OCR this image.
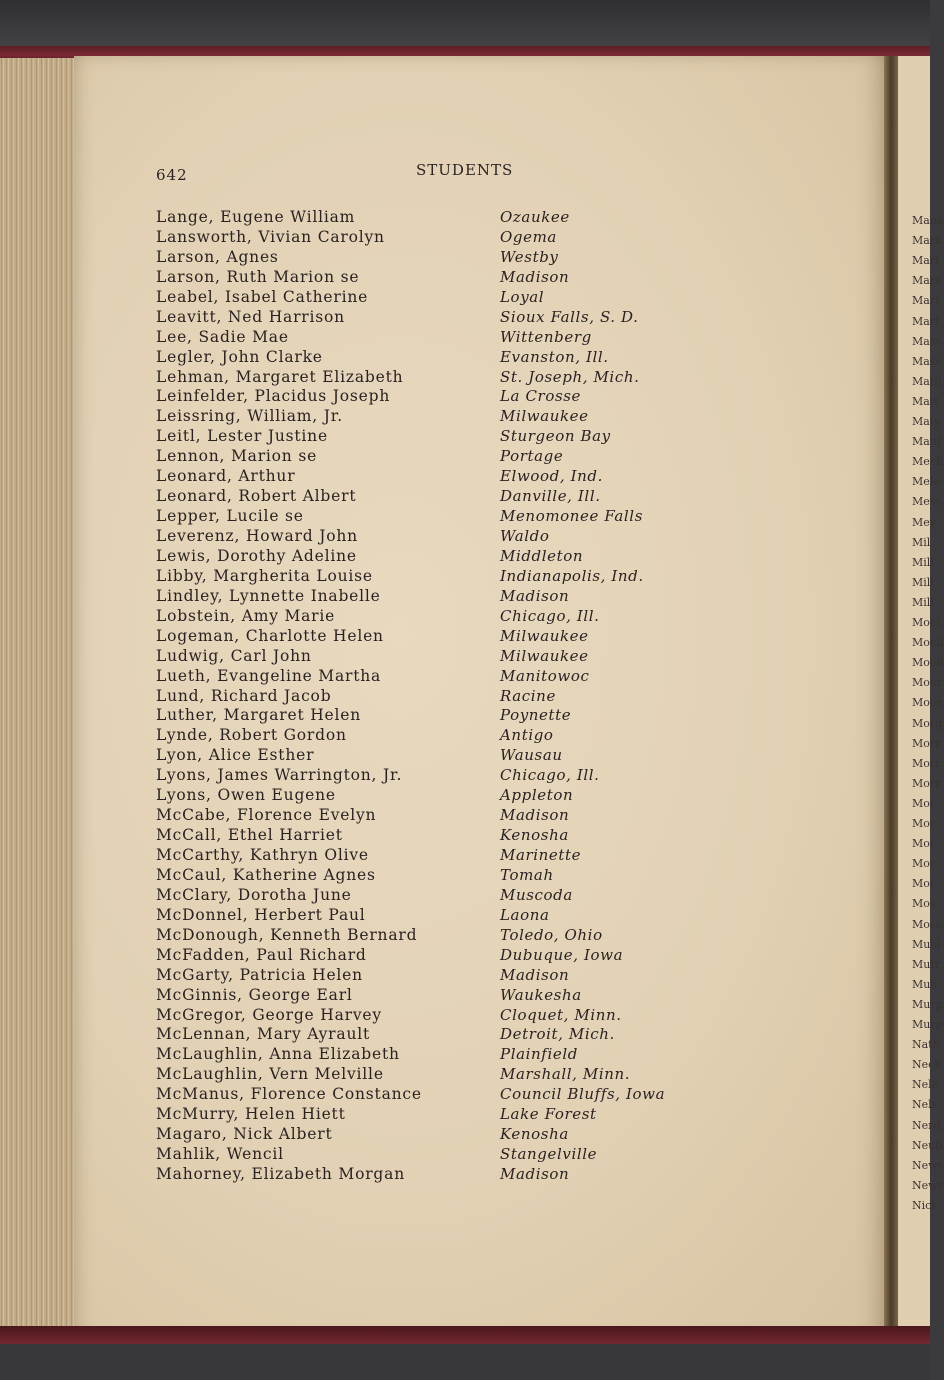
Mans
Mark
Marl
Mars
Mart
Mart
Mass
Mass
Math
Matt
Maty
Maut
Mech
Mele
Mess
Mey
Mil
Mill
Mill
Mill
Moel
Moell
Mood
Moor
Moor
Morg
Morr
Morr
Morr
Mor
Mor
Mor
Mor
Mor
Mos
Moss
Muel
Mutr
Mull
Murp
Murp
Nath
Neck
Nelk
Nels
Nerd
Neub
News
News
Nick
642	STUDENTS
Lange, Eugene William	Ozaukee
Lansworth, Vivian Carolyn	Ogema
Larson, Agnes	Westby
Larson, Ruth Marion se	Madison
Leabel, Isabel Catherine	Loyal
Leavitt, Ned Harrison	Sioux Falls, S. D.
Lee, Sadie Mae	Wittenberg
Legler, John Clarke	Evanston, Ill.
Lehman, Margaret Elizabeth	St. Joseph, Mich.
Leinfelder, Placidus Joseph	La Crosse
Leissring, William, Jr.	Milwaukee
Leitl, Lester Justine	Sturgeon Bay
Lennon, Marion se	Portage
Leonard, Arthur	Elwood, Ind.
Leonard, Robert Albert	Danville, Ill.
Lepper, Lucile se	Menomonee Falls
Leverenz, Howard John	Waldo
Lewis, Dorothy Adeline	Middleton
Libby, Margherita Louise	Indianapolis, Ind.
Lindley, Lynnette Inabelle	Madison
Lobstein, Amy Marie	Chicago, Ill.
Logeman, Charlotte Helen	Milwaukee
Ludwig, Carl John	Milwaukee
Lueth, Evangeline Martha	Manitowoc
Lund, Richard Jacob	Racine
Luther, Margaret Helen	Poynette
Lynde, Robert Gordon	Antigo
Lyon, Alice Esther	Wausau
Lyons, James Warrington, Jr.	Chicago, Ill.
Lyons, Owen Eugene	Appleton
McCabe, Florence Evelyn	Madison
McCall, Ethel Harriet	Kenosha
McCarthy, Kathryn Olive	Marinette
McCaul, Katherine Agnes	Tomah
McClary, Dorotha June	Muscoda
McDonnel, Herbert Paul	Laona
McDonough, Kenneth Bernard	Toledo, Ohio
McFadden, Paul Richard	Dubuque, Iowa
McGarty, Patricia Helen	Madison
McGinnis, George Earl	Waukesha
McGregor, George Harvey	Cloquet, Minn.
McLennan, Mary Ayrault	Detroit, Mich.
McLaughlin, Anna Elizabeth	Plainfield
McLaughlin, Vern Melville	Marshall, Minn.
McManus, Florence Constance	Council Bluffs, Iowa
McMurry, Helen Hiett	Lake Forest
Magaro, Nick Albert	Kenosha
Mahlik, Wencil	Stangelville
Mahorney, Elizabeth Morgan	Madison
